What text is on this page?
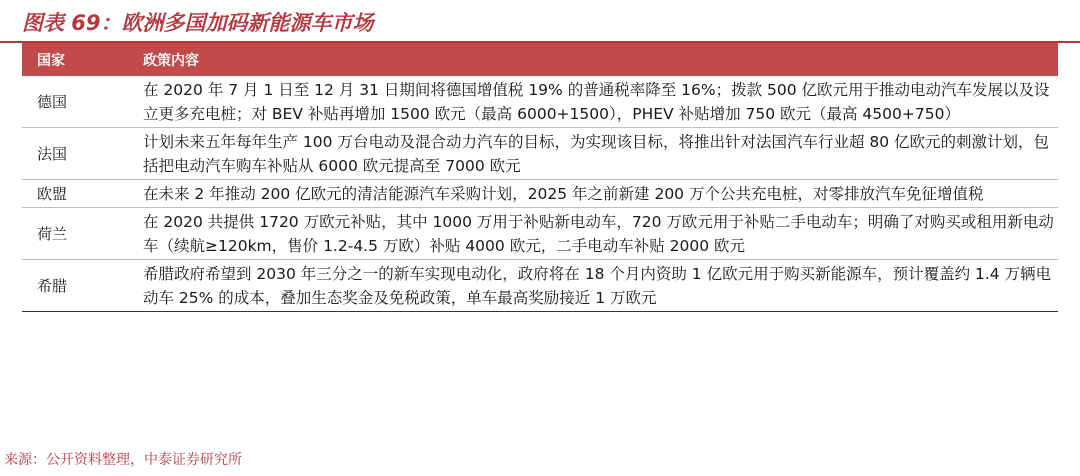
图表 69：欧洲多国加码新能源车市场
国家	政策内容
德国
在 2020 年 7 月 1 日至 12 月 31 日期间将德国增值税 19% 的普通税率降至 16%；拨款 500 亿欧元用于推动电动汽车发展以及设立更多充电桩；对 BEV 补贴再增加 1500 欧元（最高 6000+1500），PHEV 补贴增加 750 欧元（最高 4500+750）
法国
计划未来五年每年生产 100 万台电动及混合动力汽车的目标，为实现该目标，将推出针对法国汽车行业超 80 亿欧元的刺激计划，包括把电动汽车购车补贴从 6000 欧元提高至 7000 欧元
欧盟	在未来 2 年推动 200 亿欧元的清洁能源汽车采购计划，2025 年之前新建 200 万个公共充电桩，对零排放汽车免征增值税
荷兰
在 2020 共提供 1720 万欧元补贴，其中 1000 万用于补贴新电动车，720 万欧元用于补贴二手电动车；明确了对购买或租用新电动车（续航≥120km，售价 1.2-4.5 万欧）补贴 4000 欧元，二手电动车补贴 2000 欧元
希腊
希腊政府希望到 2030 年三分之一的新车实现电动化，政府将在 18 个月内资助 1 亿欧元用于购买新能源车，预计覆盖约 1.4 万辆电动车 25% 的成本，叠加生态奖金及免税政策，单车最高奖励接近 1 万欧元
来源：公开资料整理，中泰证券研究所
